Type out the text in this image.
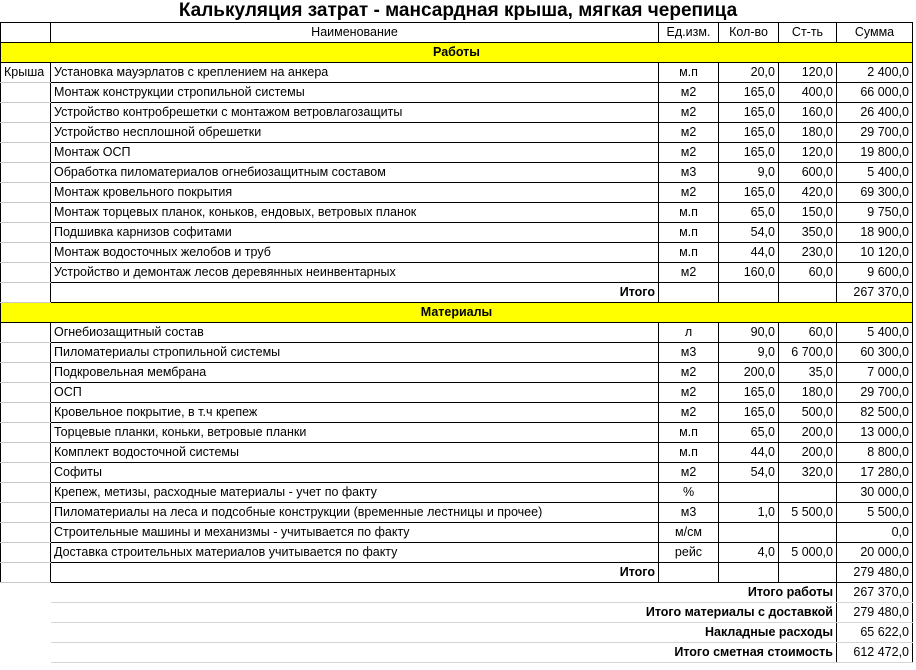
Калькуляция затрат - мансардная крыша, мягкая черепица
	Наименование	Ед.изм.	Кол-во	Ст-ть	Сумма
Работы					
Крыша	Установка мауэрлатов с креплением на анкера	м.п	20,0	120,0	2 400,0
	Монтаж конструкции стропильной системы	м2	165,0	400,0	66 000,0
	Устройство контробрешетки с монтажом ветровлагозащиты	м2	165,0	160,0	26 400,0
	Устройство несплошной обрешетки	м2	165,0	180,0	29 700,0
	Монтаж ОСП	м2	165,0	120,0	19 800,0
	Обработка пиломатериалов огнебиозащитным составом	м3	9,0	600,0	5 400,0
	Монтаж кровельного покрытия	м2	165,0	420,0	69 300,0
	Монтаж торцевых планок, коньков, ендовых, ветровых планок	м.п	65,0	150,0	9 750,0
	Подшивка карнизов софитами	м.п	54,0	350,0	18 900,0
	Монтаж водосточных желобов и труб	м.п	44,0	230,0	10 120,0
	Устройство и демонтаж лесов деревянных неинвентарных	м2	160,0	60,0	9 600,0
	Итого				267 370,0
Материалы					
	Огнебиозащитный состав	л	90,0	60,0	5 400,0
	Пиломатериалы стропильной системы	м3	9,0	6 700,0	60 300,0
	Подкровельная мембрана	м2	200,0	35,0	7 000,0
	ОСП	м2	165,0	180,0	29 700,0
	Кровельное покрытие, в т.ч крепеж	м2	165,0	500,0	82 500,0
	Торцевые планки, коньки, ветровые планки	м.п	65,0	200,0	13 000,0
	Комплект водосточной системы	м.п	44,0	200,0	8 800,0
	Софиты	м2	54,0	320,0	17 280,0
	Крепеж, метизы, расходные материалы - учет по факту	%			30 000,0
	Пиломатериалы на леса и подсобные конструкции (временные лестницы и прочее)	м3	1,0	5 500,0	5 500,0
	Строительные машины и механизмы - учитывается по факту	м/см			0,0
	Доставка строительных материалов учитывается по факту	рейс	4,0	5 000,0	20 000,0
	Итого				279 480,0
	Итого работы				267 370,0
	Итого материалы с доставкой				279 480,0
	Накладные расходы				65 622,0
	Итого сметная стоимость				612 472,0
